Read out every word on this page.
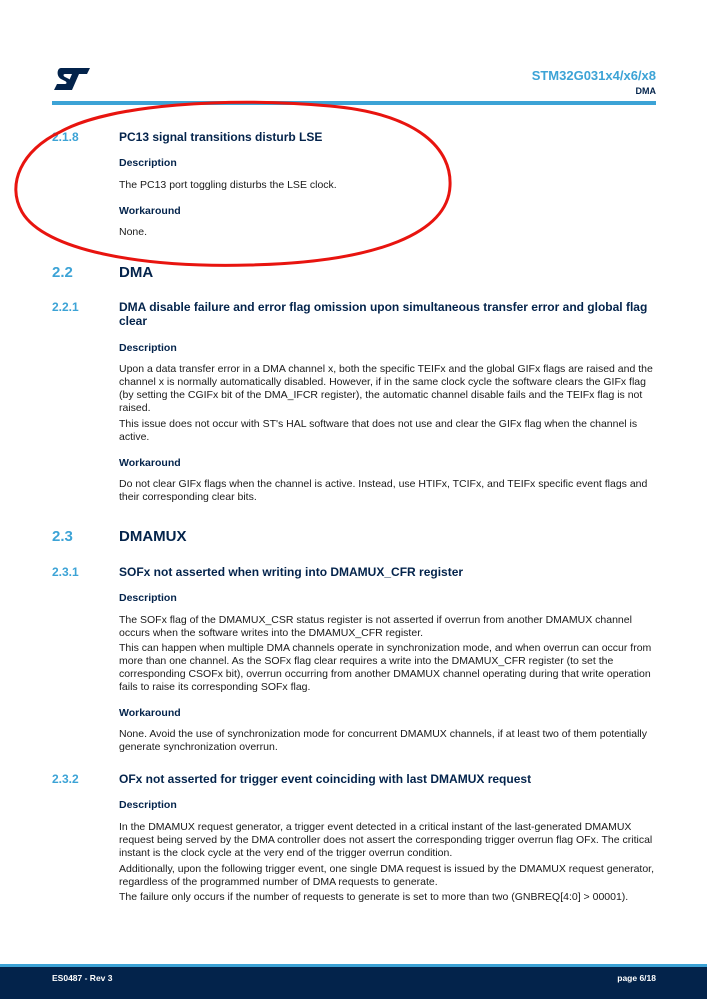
STM32G031x4/x6/x8
DMA
2.1.8	PC13 signal transitions disturb LSE
Description

The PC13 port toggling disturbs the LSE clock.

Workaround

None.

2.2	DMA
2.2.1	DMA disable failure and error flag omission upon simultaneous transfer error and global flag clear
Description

Upon a data transfer error in a DMA channel x, both the specific TEIFx and the global GIFx flags are raised and the channel x is normally automatically disabled. However, if in the same clock cycle the software clears the GIFx flag (by setting the CGIFx bit of the DMA_IFCR register), the automatic channel disable fails and the TEIFx flag is not raised.

This issue does not occur with ST's HAL software that does not use and clear the GIFx flag when the channel is active.

Workaround

Do not clear GIFx flags when the channel is active. Instead, use HTIFx, TCIFx, and TEIFx specific event flags and their corresponding clear bits.

2.3	DMAMUX
2.3.1	SOFx not asserted when writing into DMAMUX_CFR register
Description

The SOFx flag of the DMAMUX_CSR status register is not asserted if overrun from another DMAMUX channel occurs when the software writes into the DMAMUX_CFR register.

This can happen when multiple DMA channels operate in synchronization mode, and when overrun can occur from more than one channel. As the SOFx flag clear requires a write into the DMAMUX_CFR register (to set the corresponding CSOFx bit), overrun occurring from another DMAMUX channel operating during that write operation fails to raise its corresponding SOFx flag.

Workaround

None. Avoid the use of synchronization mode for concurrent DMAMUX channels, if at least two of them potentially generate synchronization overrun.

2.3.2	OFx not asserted for trigger event coinciding with last DMAMUX request
Description

In the DMAMUX request generator, a trigger event detected in a critical instant of the last-generated DMAMUX request being served by the DMA controller does not assert the corresponding trigger overrun flag OFx. The critical instant is the clock cycle at the very end of the trigger overrun condition.

Additionally, upon the following trigger event, one single DMA request is issued by the DMAMUX request generator, regardless of the programmed number of DMA requests to generate.

The failure only occurs if the number of requests to generate is set to more than two (GNBREQ[4:0] > 00001).

ES0487 - Rev 3	page 6/18
